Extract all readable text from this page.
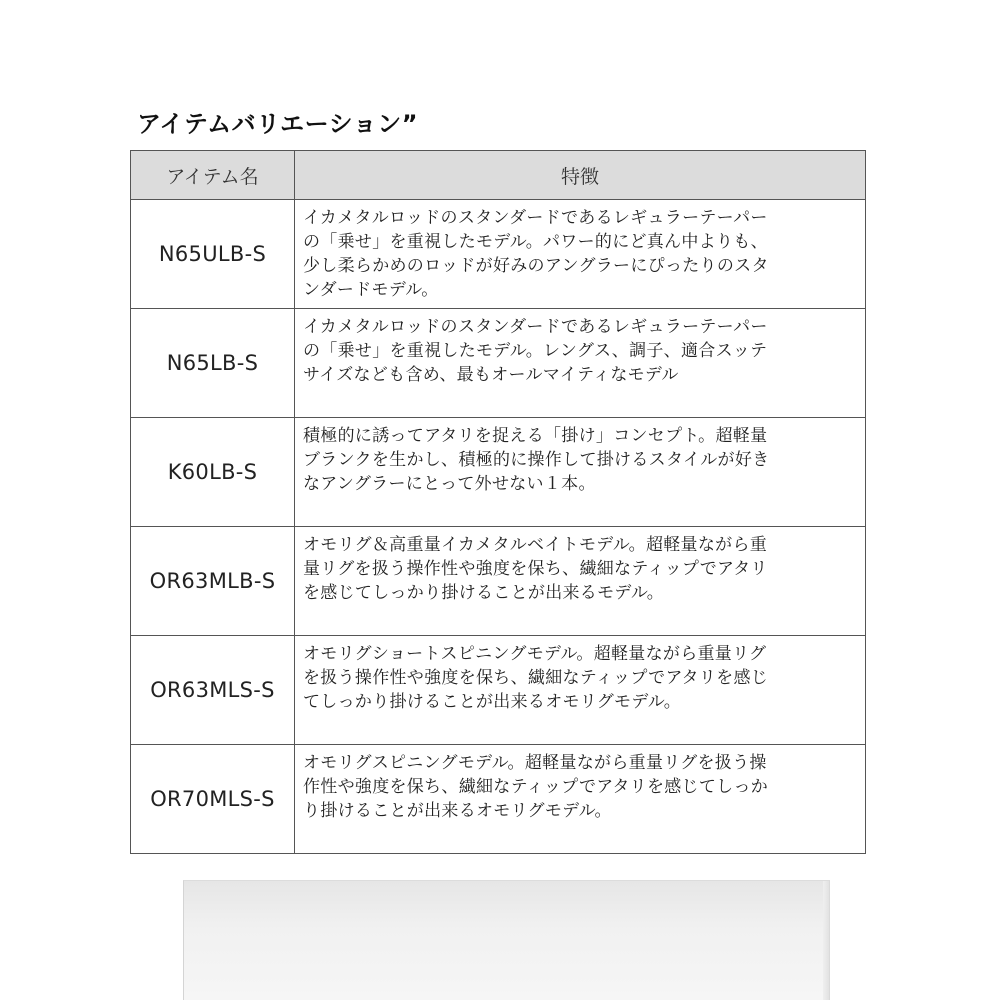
アイテムバリエーション”
アイテム名	特徴
N65ULB-S	イカメタルロッドのスタンダードであるレギュラーテーパー
の「乗せ」を重視したモデル。パワー的にど真ん中よりも、
少し柔らかめのロッドが好みのアングラーにぴったりのスタ
ンダードモデル。

N65LB-S	イカメタルロッドのスタンダードであるレギュラーテーパー
の「乗せ」を重視したモデル。レングス、調子、適合スッテ
サイズなども含め、最もオールマイティなモデル

K60LB-S	積極的に誘ってアタリを捉える「掛け」コンセプト。超軽量
ブランクを生かし、積極的に操作して掛けるスタイルが好き
なアングラーにとって外せない１本。

OR63MLB-S	オモリグ＆高重量イカメタルベイトモデル。超軽量ながら重
量リグを扱う操作性や強度を保ち、繊細なティップでアタリ
を感じてしっかり掛けることが出来るモデル。

OR63MLS-S	オモリグショートスピニングモデル。超軽量ながら重量リグ
を扱う操作性や強度を保ち、繊細なティップでアタリを感じ
てしっかり掛けることが出来るオモリグモデル。

OR70MLS-S	オモリグスピニングモデル。超軽量ながら重量リグを扱う操
作性や強度を保ち、繊細なティップでアタリを感じてしっか
り掛けることが出来るオモリグモデル。
